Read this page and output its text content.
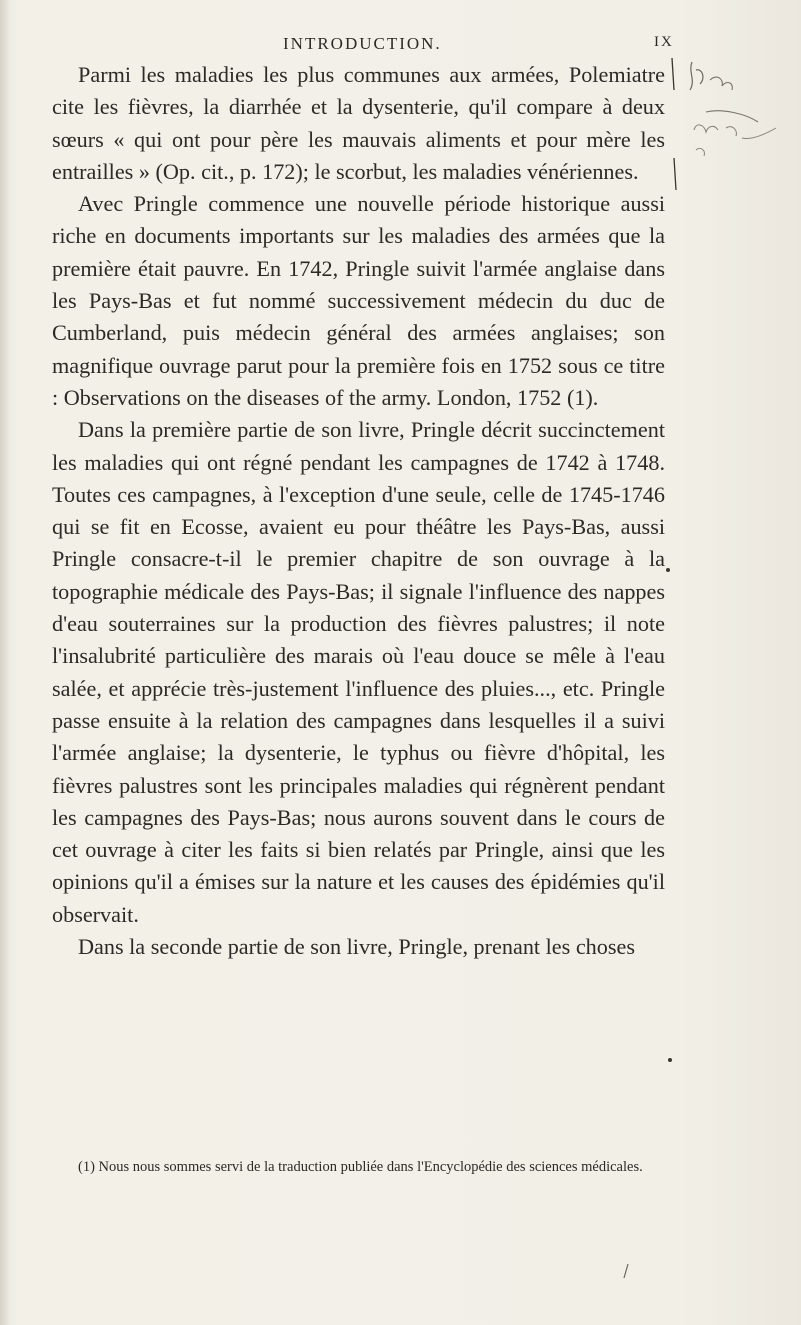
INTRODUCTION.	IX

Parmi les maladies les plus communes aux armées, Polemiatre cite les fièvres, la diarrhée et la dysenterie, qu'il compare à deux sœurs « qui ont pour père les mauvais aliments et pour mère les entrailles » (Op. cit., p. 172); le scorbut, les maladies vénériennes.

Avec Pringle commence une nouvelle période historique aussi riche en documents importants sur les maladies des armées que la première était pauvre. En 1742, Pringle suivit l'armée anglaise dans les Pays-Bas et fut nommé successivement médecin du duc de Cumberland, puis médecin général des armées anglaises; son magnifique ouvrage parut pour la première fois en 1752 sous ce titre : Observations on the diseases of the army. London, 1752 (1).

Dans la première partie de son livre, Pringle décrit succinctement les maladies qui ont régné pendant les campagnes de 1742 à 1748. Toutes ces campagnes, à l'exception d'une seule, celle de 1745-1746 qui se fit en Ecosse, avaient eu pour théâtre les Pays-Bas, aussi Pringle consacre-t-il le premier chapitre de son ouvrage à la topographie médicale des Pays-Bas; il signale l'influence des nappes d'eau souterraines sur la production des fièvres palustres; il note l'insalubrité particulière des marais où l'eau douce se mêle à l'eau salée, et apprécie très-justement l'influence des pluies..., etc. Pringle passe ensuite à la relation des campagnes dans lesquelles il a suivi l'armée anglaise; la dysenterie, le typhus ou fièvre d'hôpital, les fièvres palustres sont les principales maladies qui régnèrent pendant les campagnes des Pays-Bas; nous aurons souvent dans le cours de cet ouvrage à citer les faits si bien relatés par Pringle, ainsi que les opinions qu'il a émises sur la nature et les causes des épidémies qu'il observait.

Dans la seconde partie de son livre, Pringle, prenant les choses

(1) Nous nous sommes servi de la traduction publiée dans l'Encyclopédie des sciences médicales.
